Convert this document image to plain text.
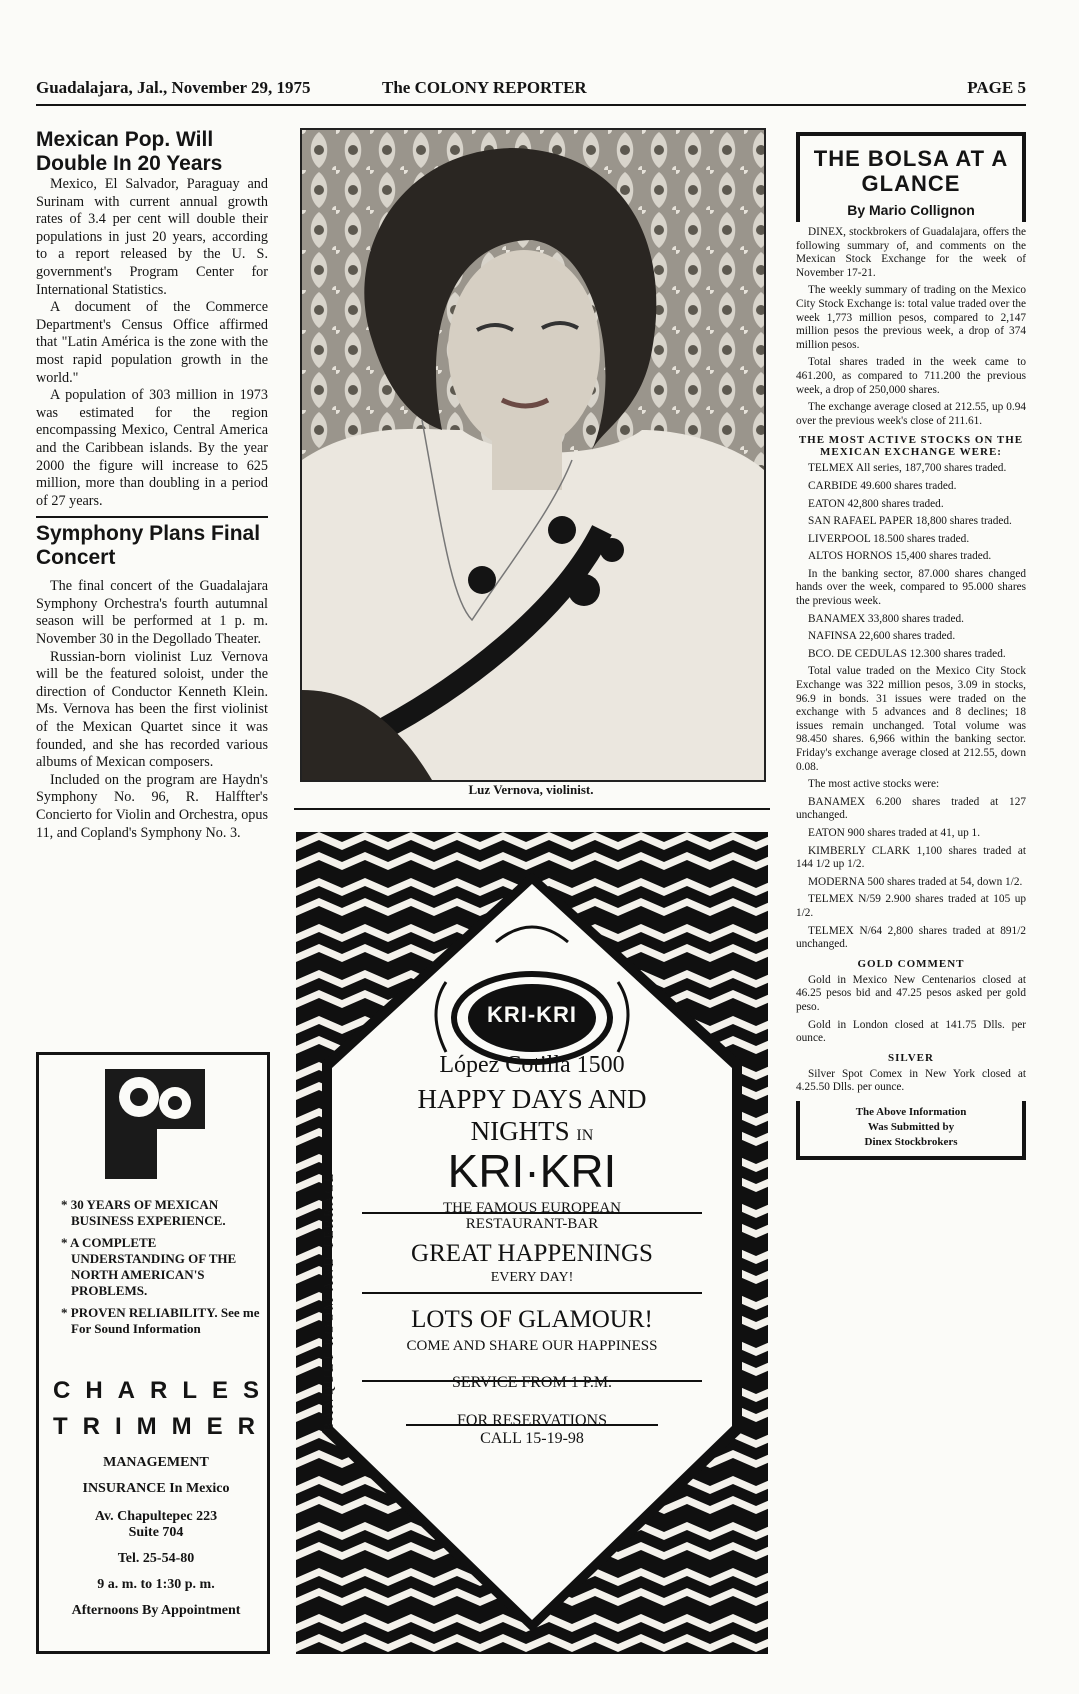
Guadalajara, Jal., November 29, 1975	The COLONY REPORTER	PAGE 5
Mexican Pop. Will Double In 20 Years

Mexico, El Salvador, Paraguay and Surinam with current annual growth rates of 3.4 per cent will double their populations in just 20 years, according to a report released by the U. S. government's Program Center for International Statistics.

A document of the Commerce Department's Census Office affirmed that "Latin América is the zone with the most rapid population growth in the world."

A population of 303 million in 1973 was estimated for the region encompassing Mexico, Central America and the Caribbean islands. By the year 2000 the figure will increase to 625 million, more than doubling in a period of 27 years.

Symphony Plans Final Concert

The final concert of the Guadalajara Symphony Orchestra's fourth autumnal season will be performed at 1 p. m. November 30 in the Degollado Theater.

Russian-born violinist Luz Vernova will be the featured soloist, under the direction of Conductor Kenneth Klein. Ms. Vernova has been the first violinist of the Mexican Quartet since it was founded, and she has recorded various albums of Mexican composers.

Included on the program are Haydn's Symphony No. 96, R. Halffter's Concierto for Violin and Orchestra, opus 11, and Copland's Symphony No. 3.

Luz Vernova, violinist.
* 30 YEARS OF MEXICAN BUSINESS EXPERIENCE.
* A COMPLETE UNDERSTANDING OF THE NORTH AMERICAN'S PROBLEMS.
* PROVEN RELIABILITY. See me For Sound Information
CHARLES
TRIMMER
MANAGEMENT
INSURANCE In Mexico
Av. Chapultepec 223
Suite 704
Tel. 25-54-80
9 a. m. to 1:30 p. m.
Afternoons By Appointment
KRI-KRI
BANQUET ROOM AND TERRACE
López Cotilla 1500
HAPPY DAYS AND
NIGHTS IN
KRI·KRI
THE FAMOUS EUROPEAN
RESTAURANT-BAR
GREAT HAPPENINGS
EVERY DAY!
LOTS OF GLAMOUR!
COME AND SHARE OUR HAPPINESS
SERVICE FROM 1 P.M.
FOR RESERVATIONS
CALL 15-19-98
THE BOLSA AT A GLANCE
By Mario Collignon

DINEX, stockbrokers of Guadalajara, offers the following summary of, and comments on the Mexican Stock Exchange for the week of November 17-21.

The weekly summary of trading on the Mexico City Stock Exchange is: total value traded over the week 1,773 million pesos, compared to 2,147 million pesos the previous week, a drop of 374 million pesos.

Total shares traded in the week came to 461.200, as compared to 711.200 the previous week, a drop of 250,000 shares.

The exchange average closed at 212.55, up 0.94 over the previous week's close of 211.61.

THE MOST ACTIVE STOCKS ON THE MEXICAN EXCHANGE WERE:

TELMEX All series, 187,700 shares traded.

CARBIDE 49.600 shares traded.

EATON 42,800 shares traded.

SAN RAFAEL PAPER 18,800 shares traded.

LIVERPOOL 18.500 shares traded.

ALTOS HORNOS 15,400 shares traded.

In the banking sector, 87.000 shares changed hands over the week, compared to 95.000 shares the previous week.

BANAMEX 33,800 shares traded.

NAFINSA 22,600 shares traded.

BCO. DE CEDULAS 12.300 shares traded.

Total value traded on the Mexico City Stock Exchange was 322 million pesos, 3.09 in stocks, 96.9 in bonds. 31 issues were traded on the exchange with 5 advances and 8 declines; 18 issues remain unchanged. Total volume was 98.450 shares. 6,966 within the banking sector. Friday's exchange average closed at 212.55, down 0.08.

The most active stocks were:

BANAMEX 6.200 shares traded at 127 unchanged.

EATON 900 shares traded at 41, up 1.

KIMBERLY CLARK 1,100 shares traded at 144 1/2 up 1/2.

MODERNA 500 shares traded at 54, down 1/2.

TELMEX N/59 2.900 shares traded at 105 up 1/2.

TELMEX N/64 2,800 shares traded at 891/2 unchanged.

GOLD COMMENT

Gold in Mexico New Centenarios closed at 46.25 pesos bid and 47.25 pesos asked per gold peso.

Gold in London closed at 141.75 Dlls. per ounce.

SILVER

Silver Spot Comex in New York closed at 4.25.50 Dlls. per ounce.

The Above Information
Was Submitted by
Dinex Stockbrokers
